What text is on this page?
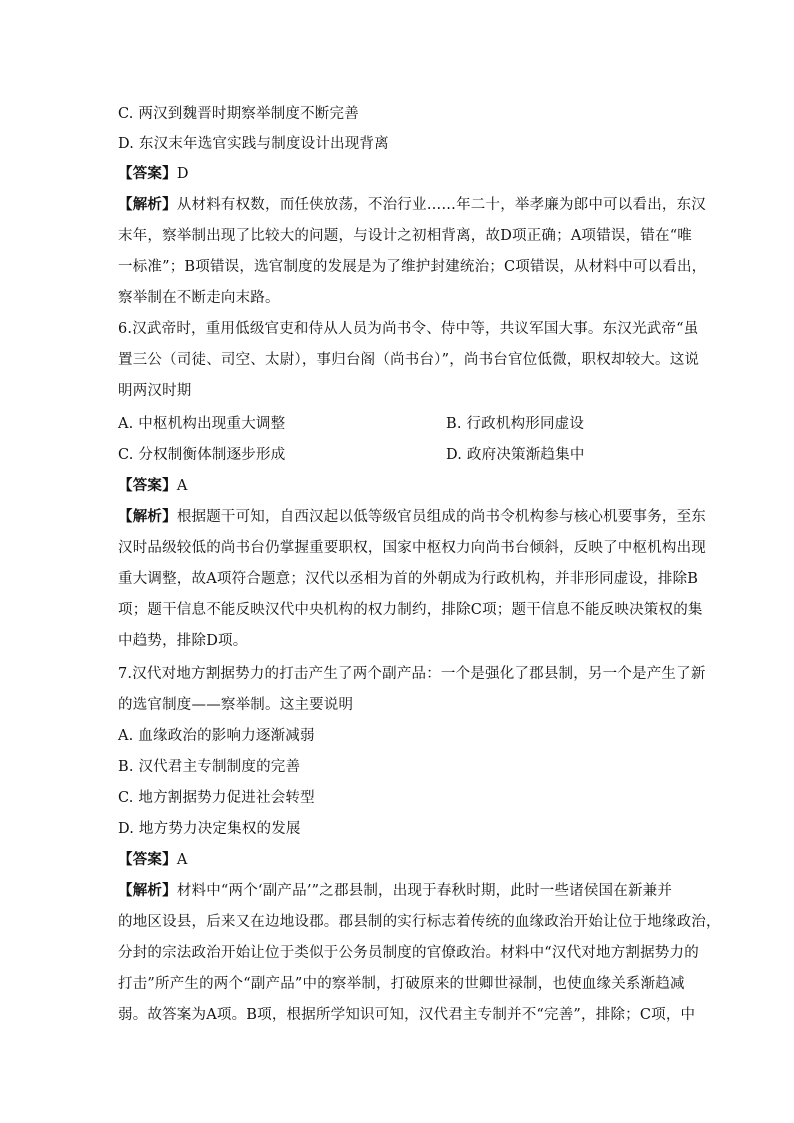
C. 两汉到魏晋时期察举制度不断完善
D. 东汉末年选官实践与制度设计出现背离
【答案】D
【解析】从材料有权数，而任侠放荡，不治行业……年二十，举孝廉为郎中可以看出，东汉
末年，察举制出现了比较大的问题，与设计之初相背离，故D项正确；A项错误，错在“唯
一标准”；B项错误，选官制度的发展是为了维护封建统治；C项错误，从材料中可以看出，
察举制在不断走向末路。
6.汉武帝时，重用低级官吏和侍从人员为尚书令、侍中等，共议军国大事。东汉光武帝“虽
置三公（司徒、司空、太尉），事归台阁（尚书台）”，尚书台官位低微，职权却较大。这说
明两汉时期
A. 中枢机构出现重大调整	B. 行政机构形同虚设
C. 分权制衡体制逐步形成	D. 政府决策渐趋集中
【答案】A
【解析】根据题干可知，自西汉起以低等级官员组成的尚书令机构参与核心机要事务，至东
汉时品级较低的尚书台仍掌握重要职权，国家中枢权力向尚书台倾斜，反映了中枢机构出现
重大调整，故A项符合题意；汉代以丞相为首的外朝成为行政机构，并非形同虚设，排除B
项；题干信息不能反映汉代中央机构的权力制约，排除C项；题干信息不能反映决策权的集
中趋势，排除D项。
7.汉代对地方割据势力的打击产生了两个副产品：一个是强化了郡县制，另一个是产生了新
的选官制度——察举制。这主要说明
A. 血缘政治的影响力逐渐减弱
B. 汉代君主专制制度的完善
C. 地方割据势力促进社会转型
D. 地方势力决定集权的发展
【答案】A
【解析】材料中“两个‘副产品’”之郡县制，出现于春秋时期，此时一些诸侯国在新兼并
的地区设县，后来又在边地设郡。郡县制的实行标志着传统的血缘政治开始让位于地缘政治，
分封的宗法政治开始让位于类似于公务员制度的官僚政治。材料中“汉代对地方割据势力的
打击”所产生的两个“副产品”中的察举制，打破原来的世卿世禄制，也使血缘关系渐趋减
弱。故答案为A项。B项，根据所学知识可知，汉代君主专制并不“完善”，排除；C项，中
